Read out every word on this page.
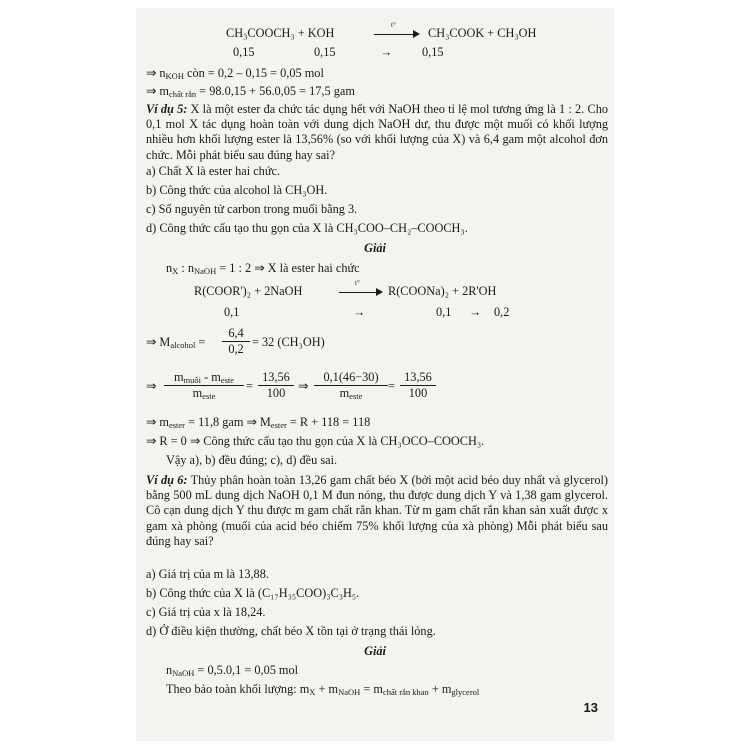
CH₃COOCH₃ + KOH
t°
CH₃COOK + CH₃OH
0,15	0,15	→ 0,15
⇒ $n_{KOH}$ còn = 0,2 – 0,15 = 0,05 mol
⇒ $m_{chất rắn} = 98.0,15 + 56.0,05 = 17,5$ gam
Ví dụ 5: X là một ester đa chức tác dụng hết với NaOH theo tỉ lệ mol tương ứng là 1 : 2. Cho 0,1 mol X tác dụng hoàn toàn với dung dịch NaOH dư, thu được một muối có khối lượng nhiều hơn khối lượng ester là 13,56% (so với khối lượng của X) và 6,4 gam một alcohol đơn chức. Mỗi phát biểu sau đúng hay sai?
a) Chất X là ester hai chức.
b) Công thức của alcohol là CH₃OH.
c) Số nguyên tử carbon trong muối bằng 3.
d) Công thức cấu tạo thu gọn của X là CH₃COO–CH₂–COOCH₃.
Giải
$n_X$ : $n_{NaOH} = 1$ : 2 ⇒ X là ester hai chức
R(COOR')₂ + 2NaOH
t°
R(COONa)₂ + 2R'OH
0,1	→	0,1 → 0,2
⇒ $M_{alcohol} = \frac{6,4}{0,2} = 32$ (CH₃OH)
⇒
$m_{muối} - m_{este}$
$m_{este}$
= $\frac{13,56}{100}$ ⇒
0,1(46−30)
$m_{este}$
= $\frac{13,56}{100}$
⇒ $m_{ester} = 11,8$ gam ⇒ $M_{ester} = R + 118 = 118$
⇒ R = 0 ⇒ Công thức cấu tạo thu gọn của X là CH₃OCO–COOCH₃.
Vậy a), b) đều đúng; c), d) đều sai.
Ví dụ 6: Thủy phân hoàn toàn 13,26 gam chất béo X (bởi một acid béo duy nhất và glycerol) bằng 500 mL dung dịch NaOH 0,1 M đun nóng, thu được dung dịch Y và 1,38 gam glycerol. Cô cạn dung dịch Y thu được m gam chất rắn khan. Từ m gam chất rắn khan sản xuất được x gam xà phòng (muối của acid béo chiếm 75% khối lượng của xà phòng) Mỗi phát biểu sau đúng hay sai?
a) Giá trị của m là 13,88.
b) Công thức của X là (C₁₇H₃₅COO)₃C₃H₅.
c) Giá trị của x là 18,24.
d) Ở điều kiện thường, chất béo X tồn tại ở trạng thái lỏng.
Giải
$n_{NaOH} = 0,5.0,1 = 0,05$ mol
Theo bảo toàn khối lượng: $m_X + m_{NaOH} = m_{chất rắn khan} + m_{glycerol}$
13
